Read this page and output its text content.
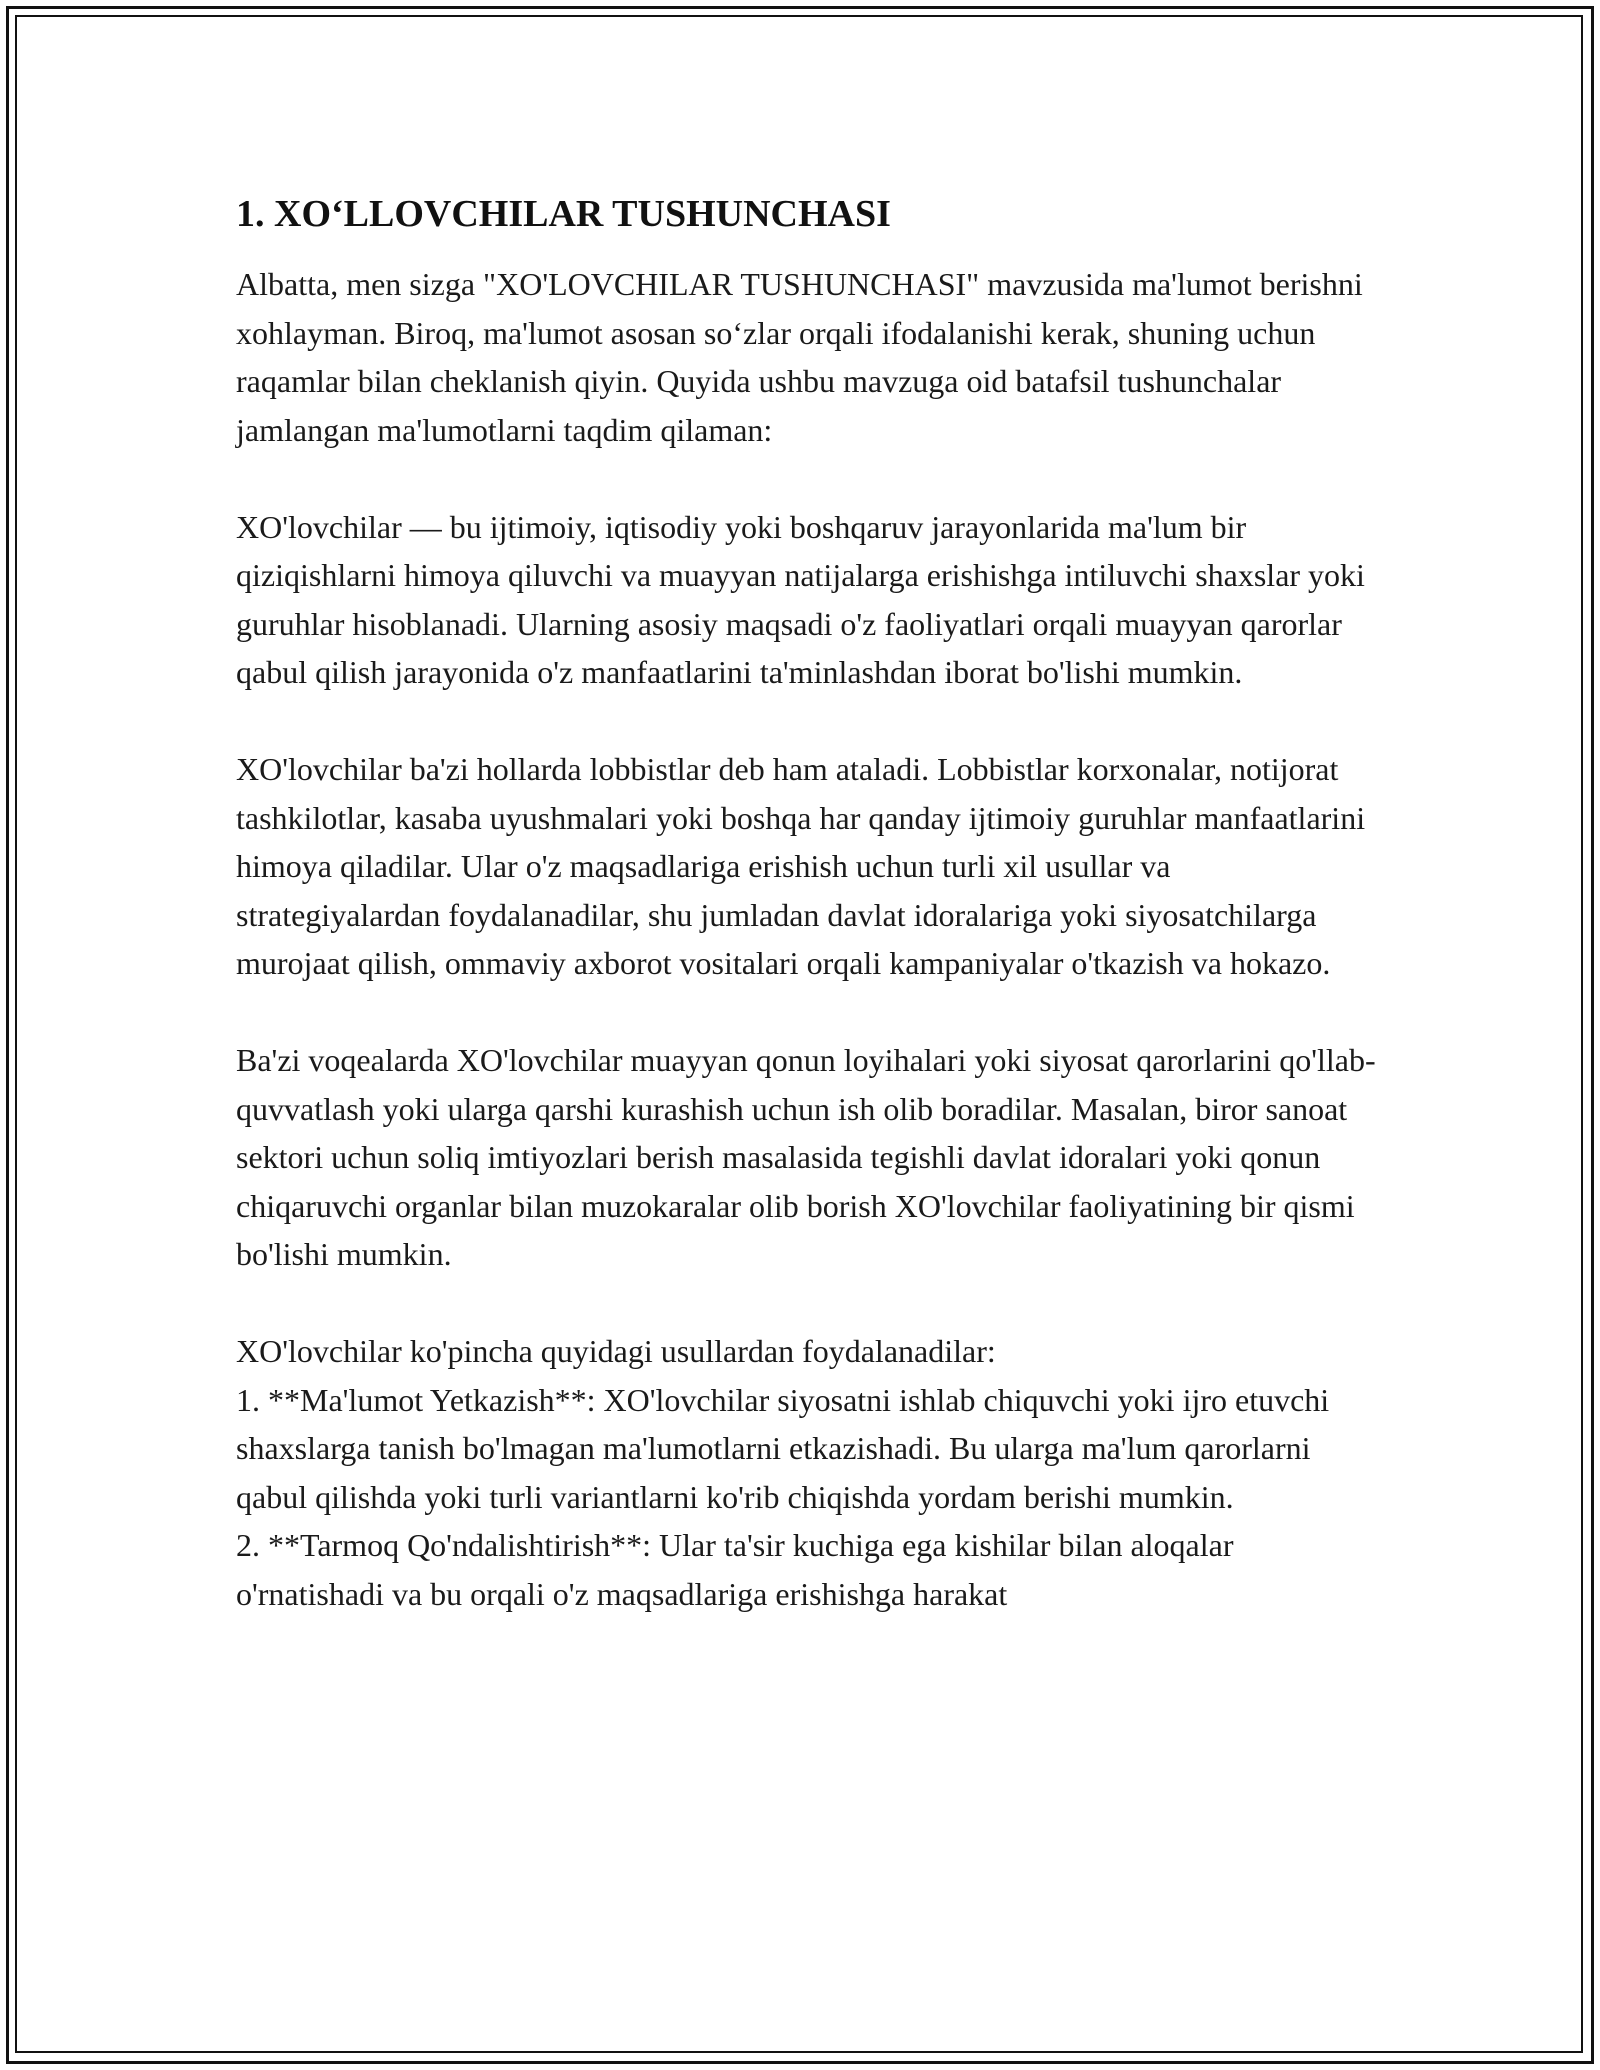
1. XO‘LLOVCHILAR TUSHUNCHASI

Albatta, men sizga "XO'LOVCHILAR TUSHUNCHASI" mavzusida ma'lumot berishni xohlayman. Biroq, ma'lumot asosan so‘zlar orqali ifodalanishi kerak, shuning uchun raqamlar bilan cheklanish qiyin. Quyida ushbu mavzuga oid batafsil tushunchalar jamlangan ma'lumotlarni taqdim qilaman:

XO'lovchilar — bu ijtimoiy, iqtisodiy yoki boshqaruv jarayonlarida ma'lum bir qiziqishlarni himoya qiluvchi va muayyan natijalarga erishishga intiluvchi shaxslar yoki guruhlar hisoblanadi. Ularning asosiy maqsadi o'z faoliyatlari orqali muayyan qarorlar qabul qilish jarayonida o'z manfaatlarini ta'minlashdan iborat bo'lishi mumkin.

XO'lovchilar ba'zi hollarda lobbistlar deb ham ataladi. Lobbistlar korxonalar, notijorat tashkilotlar, kasaba uyushmalari yoki boshqa har qanday ijtimoiy guruhlar manfaatlarini himoya qiladilar. Ular o'z maqsadlariga erishish uchun turli xil usullar va strategiyalardan foydalanadilar, shu jumladan davlat idoralariga yoki siyosatchilarga murojaat qilish, ommaviy axborot vositalari orqali kampaniyalar o'tkazish va hokazo.

Ba'zi voqealarda XO'lovchilar muayyan qonun loyihalari yoki siyosat qarorlarini qo'llab-quvvatlash yoki ularga qarshi kurashish uchun ish olib boradilar. Masalan, biror sanoat sektori uchun soliq imtiyozlari berish masalasida tegishli davlat idoralari yoki qonun chiqaruvchi organlar bilan muzokaralar olib borish XO'lovchilar faoliyatining bir qismi bo'lishi mumkin.

XO'lovchilar ko'pincha quyidagi usullardan foydalanadilar:

1. **Ma'lumot Yetkazish**: XO'lovchilar siyosatni ishlab chiquvchi yoki ijro etuvchi shaxslarga tanish bo'lmagan ma'lumotlarni etkazishadi. Bu ularga ma'lum qarorlarni qabul qilishda yoki turli variantlarni ko'rib chiqishda yordam berishi mumkin.

2. **Tarmoq Qo'ndalishtirish**: Ular ta'sir kuchiga ega kishilar bilan aloqalar o'rnatishadi va bu orqali o'z maqsadlariga erishishga harakat
